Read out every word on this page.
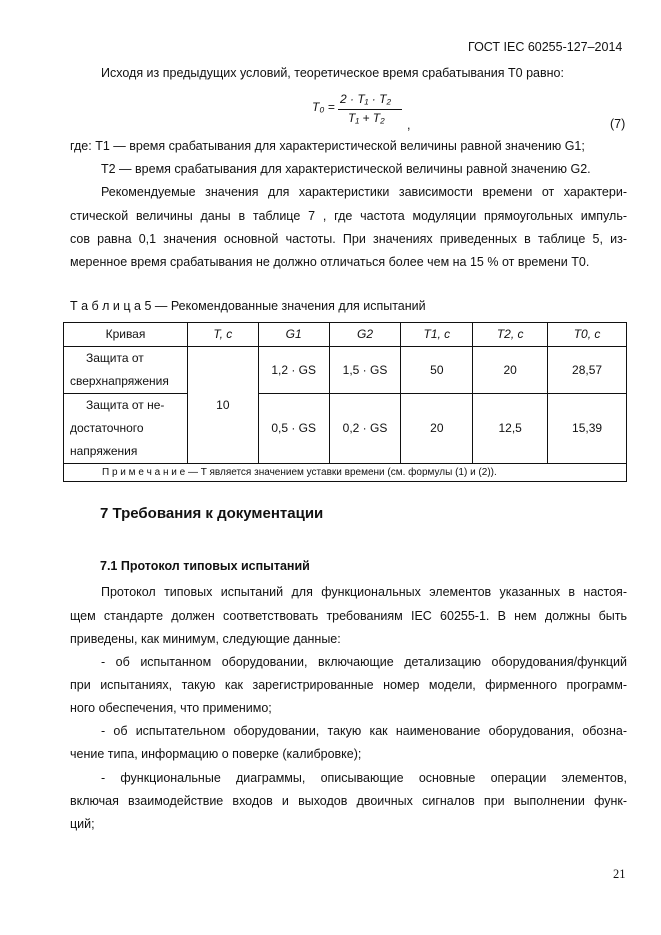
ГОСТ IEC 60255-127–2014

Исходя из предыдущих условий, теоретическое время срабатывания T0 равно:

T₀ =
2 · T₁ · T₂
T₁ + T₂ ,	(7)

где: T1 — время срабатывания для характеристической величины равной значению G1;

T2 — время срабатывания для характеристической величины равной значению G2.

Рекомендуемые значения для характеристики зависимости времени от характери-

стической величины даны в таблице 7 , где частота модуляции прямоугольных импуль-

сов равна 0,1 значения основной частоты. При значениях приведенных в таблице 5, из-

меренное время срабатывания не должно отличаться более чем на 15 % от времени T0.

Т а б л и ц а 5 — Рекомендованные значения для испытаний

Кривая	T, с	G1	G2	T1, с	T2, с	T0, с

Защита от
сверхнапряжения	10	1,2 · GS	1,5 · GS	50	20	28,57

Защита от не-
достаточного
напряжения		0,5 · GS	0,2 · GS	20	12,5	15,39
П р и м е ч а н и е — T является значением уставки времени (см. формулы (1) и (2)).						
7 Требования к документации
7.1 Протокол типовых испытаний

Протокол типовых испытаний для функциональных элементов указанных в настоя-

щем стандарте должен соответствовать требованиям IEC 60255-1. В нем должны быть

приведены, как минимум, следующие данные:

- об испытанном оборудовании, включающие детализацию оборудования/функций

при испытаниях, такую как зарегистрированные номер модели, фирменного программ-

ного обеспечения, что применимо;

- об испытательном оборудовании, такую как наименование оборудования, обозна-

чение типа, информацию о поверке (калибровке);

- функциональные диаграммы, описывающие основные операции элементов,

включая взаимодействие входов и выходов двоичных сигналов при выполнении функ-

ций;

21
